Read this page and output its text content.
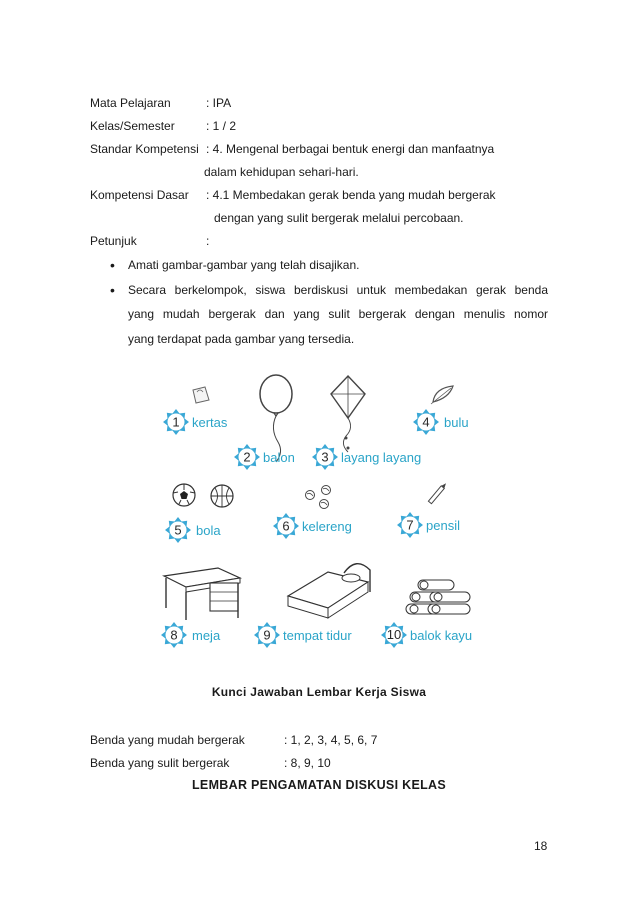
Mata Pelajaran	: IPA
Kelas/Semester	: 1 / 2
Standar Kompetensi : 4. Mengenal berbagai bentuk energi dan manfaatnya
dalam kehidupan sehari-hari.
Kompetensi Dasar : 4.1 Membedakan gerak benda yang mudah bergerak
dengan yang sulit bergerak melalui percobaan.
Petunjuk	:
• Amati gambar-gambar yang telah disajikan.
• Secara berkelompok, siswa berdiskusi untuk membedakan gerak benda
yang mudah bergerak dan yang sulit bergerak dengan menulis nomor
yang terdapat pada gambar yang tersedia.
1 kertas
2 balon 3 layang layang
4 bulu
5 bola	6 kelereng	7 pensil
8 meja	9 tempat tidur	10 balok kayu
Kunci Jawaban Lembar Kerja Siswa
Benda yang mudah bergerak	: 1, 2, 3, 4, 5, 6, 7
Benda yang sulit bergerak	: 8, 9, 10
LEMBAR PENGAMATAN DISKUSI KELAS
18
